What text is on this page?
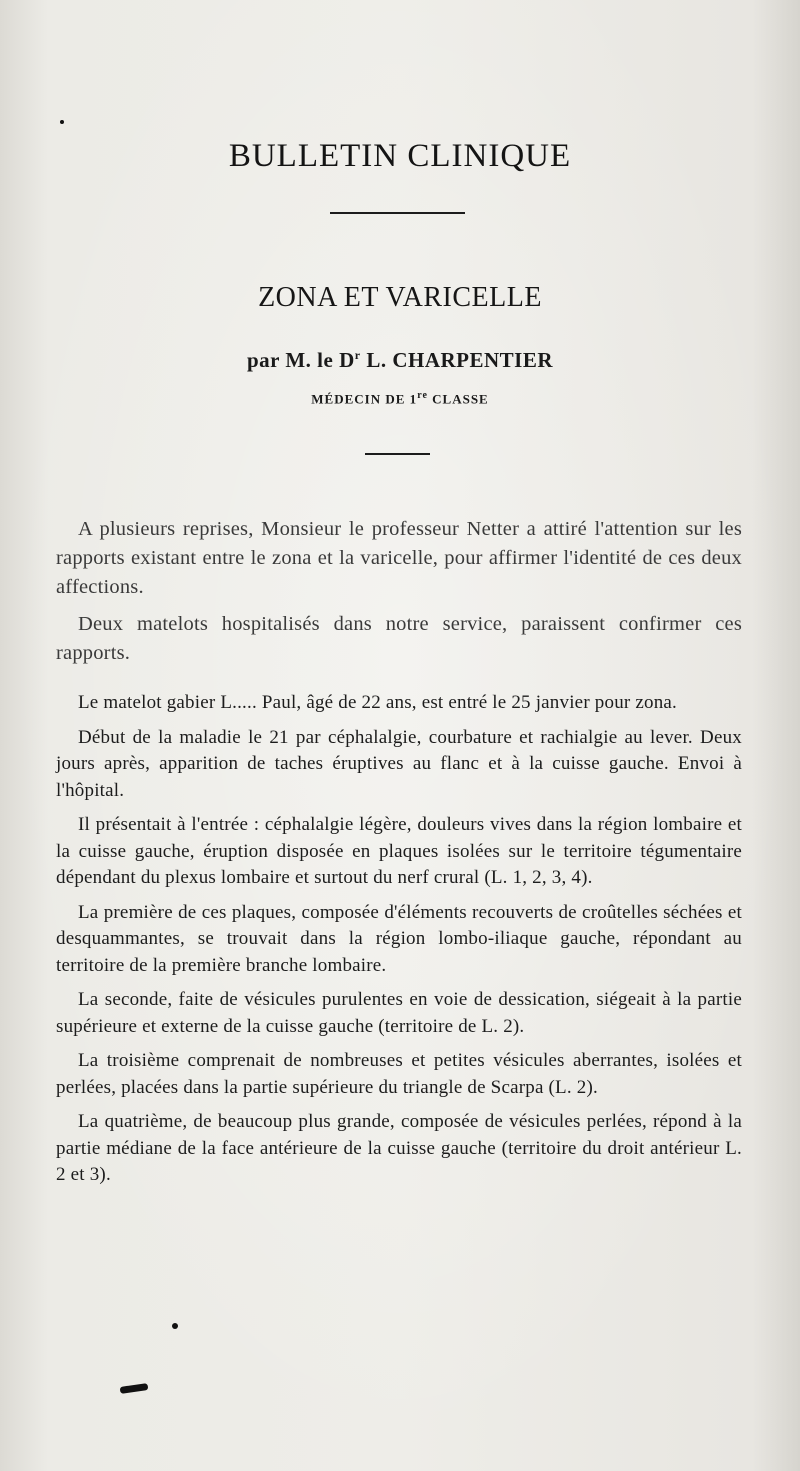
BULLETIN CLINIQUE
ZONA ET VARICELLE
par M. le $D^r$ L. CHARPENTIER
MÉDECIN DE 1re CLASSE

A plusieurs reprises, Monsieur le professeur Netter a attiré l'attention sur les rapports existant entre le zona et la varicelle, pour affirmer l'identité de ces deux affections.

Deux matelots hospitalisés dans notre service, paraissent confirmer ces rapports.

Le matelot gabier L..... Paul, âgé de 22 ans, est entré le 25 janvier pour zona.

Début de la maladie le 21 par céphalalgie, courbature et rachialgie au lever. Deux jours après, apparition de taches éruptives au flanc et à la cuisse gauche. Envoi à l'hôpital.

Il présentait à l'entrée : céphalalgie légère, douleurs vives dans la région lombaire et la cuisse gauche, éruption disposée en plaques isolées sur le territoire tégumentaire dépendant du plexus lombaire et surtout du nerf crural (L. 1, 2, 3, 4).

La première de ces plaques, composée d'éléments recouverts de croûtelles séchées et desquammantes, se trouvait dans la région lombo-iliaque gauche, répondant au territoire de la première branche lombaire.

La seconde, faite de vésicules purulentes en voie de dessication, siégeait à la partie supérieure et externe de la cuisse gauche (territoire de L. 2).

La troisième comprenait de nombreuses et petites vésicules aberrantes, isolées et perlées, placées dans la partie supérieure du triangle de Scarpa (L. 2).

La quatrième, de beaucoup plus grande, composée de vésicules perlées, répond à la partie médiane de la face antérieure de la cuisse gauche (territoire du droit antérieur L. 2 et 3).
